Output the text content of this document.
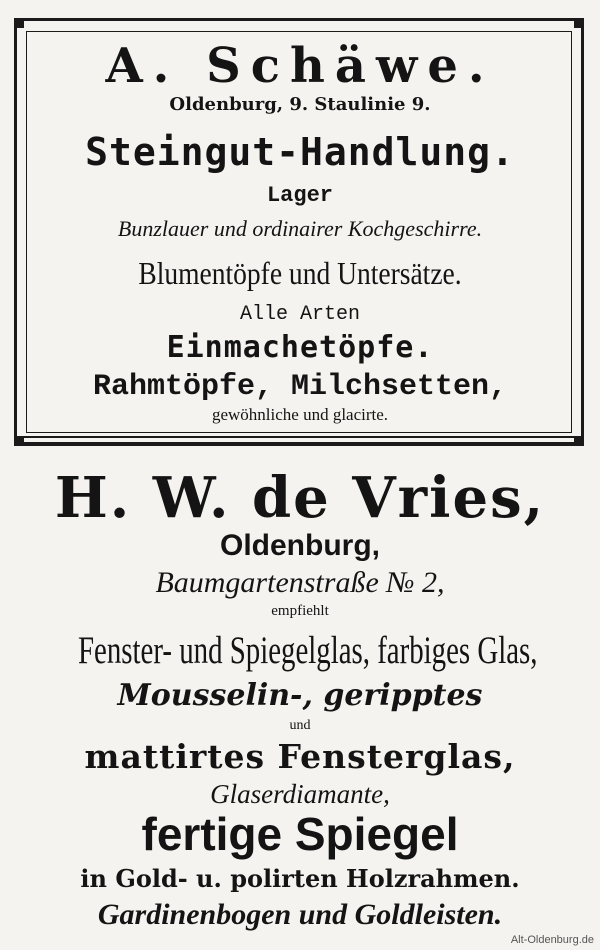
A. Schäwe.
Oldenburg, 9. Staulinie 9.
Steingut-Handlung.
Lager
Bunzlauer und ordinairer Kochgeschirre.
Blumentöpfe und Untersätze.
Alle Arten
Einmachetöpfe.
Rahmtöpfe, Milchsetten,
gewöhnliche und glacirte.
H. W. de Vries,
Oldenburg,
Baumgartenstraße № 2,
empfiehlt
Fenster- und Spiegelglas, farbiges Glas,
Mousselin-, geripptes
und
mattirtes Fensterglas,
Glaserdiamante,
fertige Spiegel
in Gold- u. polirten Holzrahmen.
Gardinenbogen und Goldleisten.
Alt-Oldenburg.de
